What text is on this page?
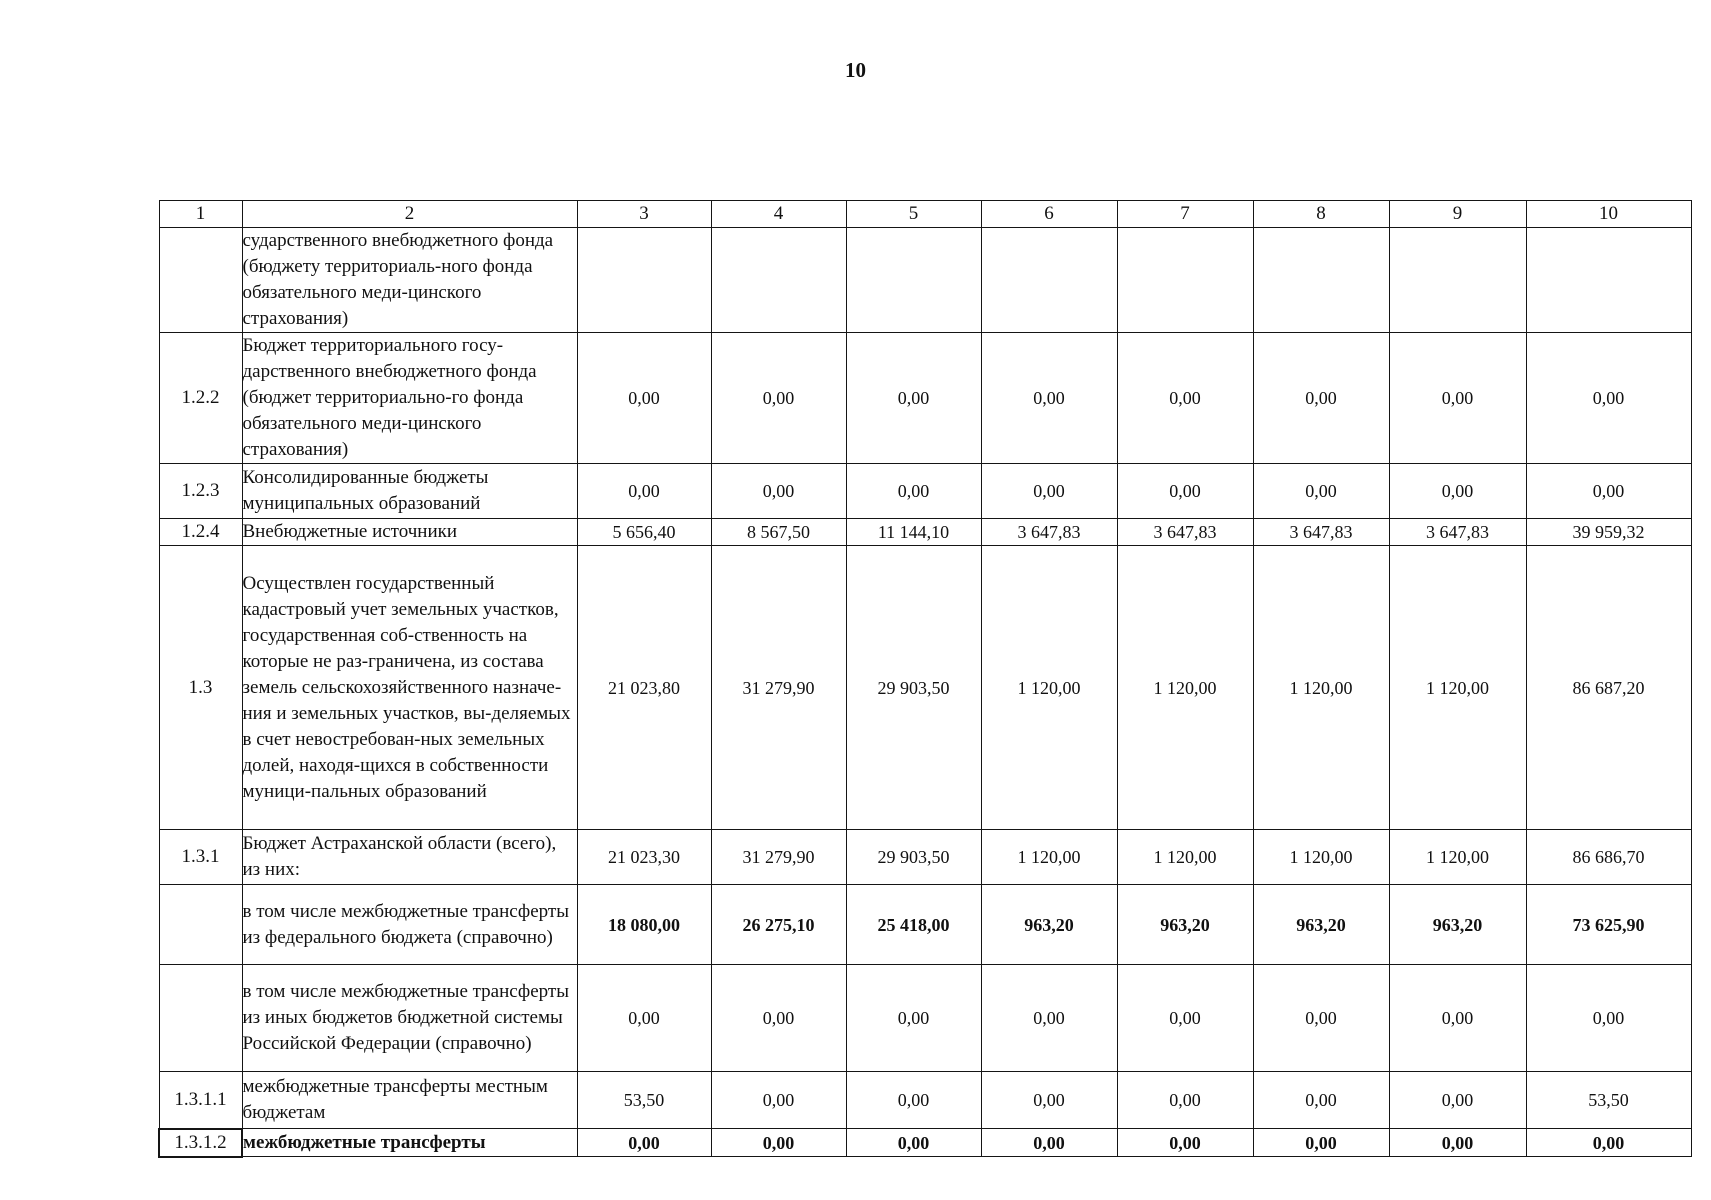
10
1	2	3	4	5	6	7	8	9	10
	сударственного внебюджетного фонда (бюджету территориаль-ного фонда обязательного меди-цинского страхования)								
1.2.2	Бюджет территориального госу-дарственного внебюджетного фонда (бюджет территориально-го фонда обязательного меди-цинского страхования)	0,00	0,00	0,00	0,00	0,00	0,00	0,00	0,00
1.2.3	Консолидированные бюджеты муниципальных образований	0,00	0,00	0,00	0,00	0,00	0,00	0,00	0,00
1.2.4	Внебюджетные источники	5 656,40	8 567,50	11 144,10	3 647,83	3 647,83	3 647,83	3 647,83	39 959,32
1.3	Осуществлен государственный кадастровый учет земельных участков, государственная соб-ственность на которые не раз-граничена, из состава земель сельскохозяйственного назначе-ния и земельных участков, вы-деляемых в счет невостребован-ных земельных долей, находя-щихся в собственности муници-пальных образований	21 023,80	31 279,90	29 903,50	1 120,00	1 120,00	1 120,00	1 120,00	86 687,20
1.3.1	Бюджет Астраханской области (всего), из них:	21 023,30	31 279,90	29 903,50	1 120,00	1 120,00	1 120,00	1 120,00	86 686,70
	в том числе межбюджетные трансферты из федерального бюджета (справочно)	18 080,00	26 275,10	25 418,00	963,20	963,20	963,20	963,20	73 625,90
	в том числе межбюджетные трансферты из иных бюджетов бюджетной системы Российской Федерации (справочно)	0,00	0,00	0,00	0,00	0,00	0,00	0,00	0,00
1.3.1.1	межбюджетные трансферты местным бюджетам	53,50	0,00	0,00	0,00	0,00	0,00	0,00	53,50
1.3.1.2	межбюджетные трансферты	0,00	0,00	0,00	0,00	0,00	0,00	0,00	0,00
